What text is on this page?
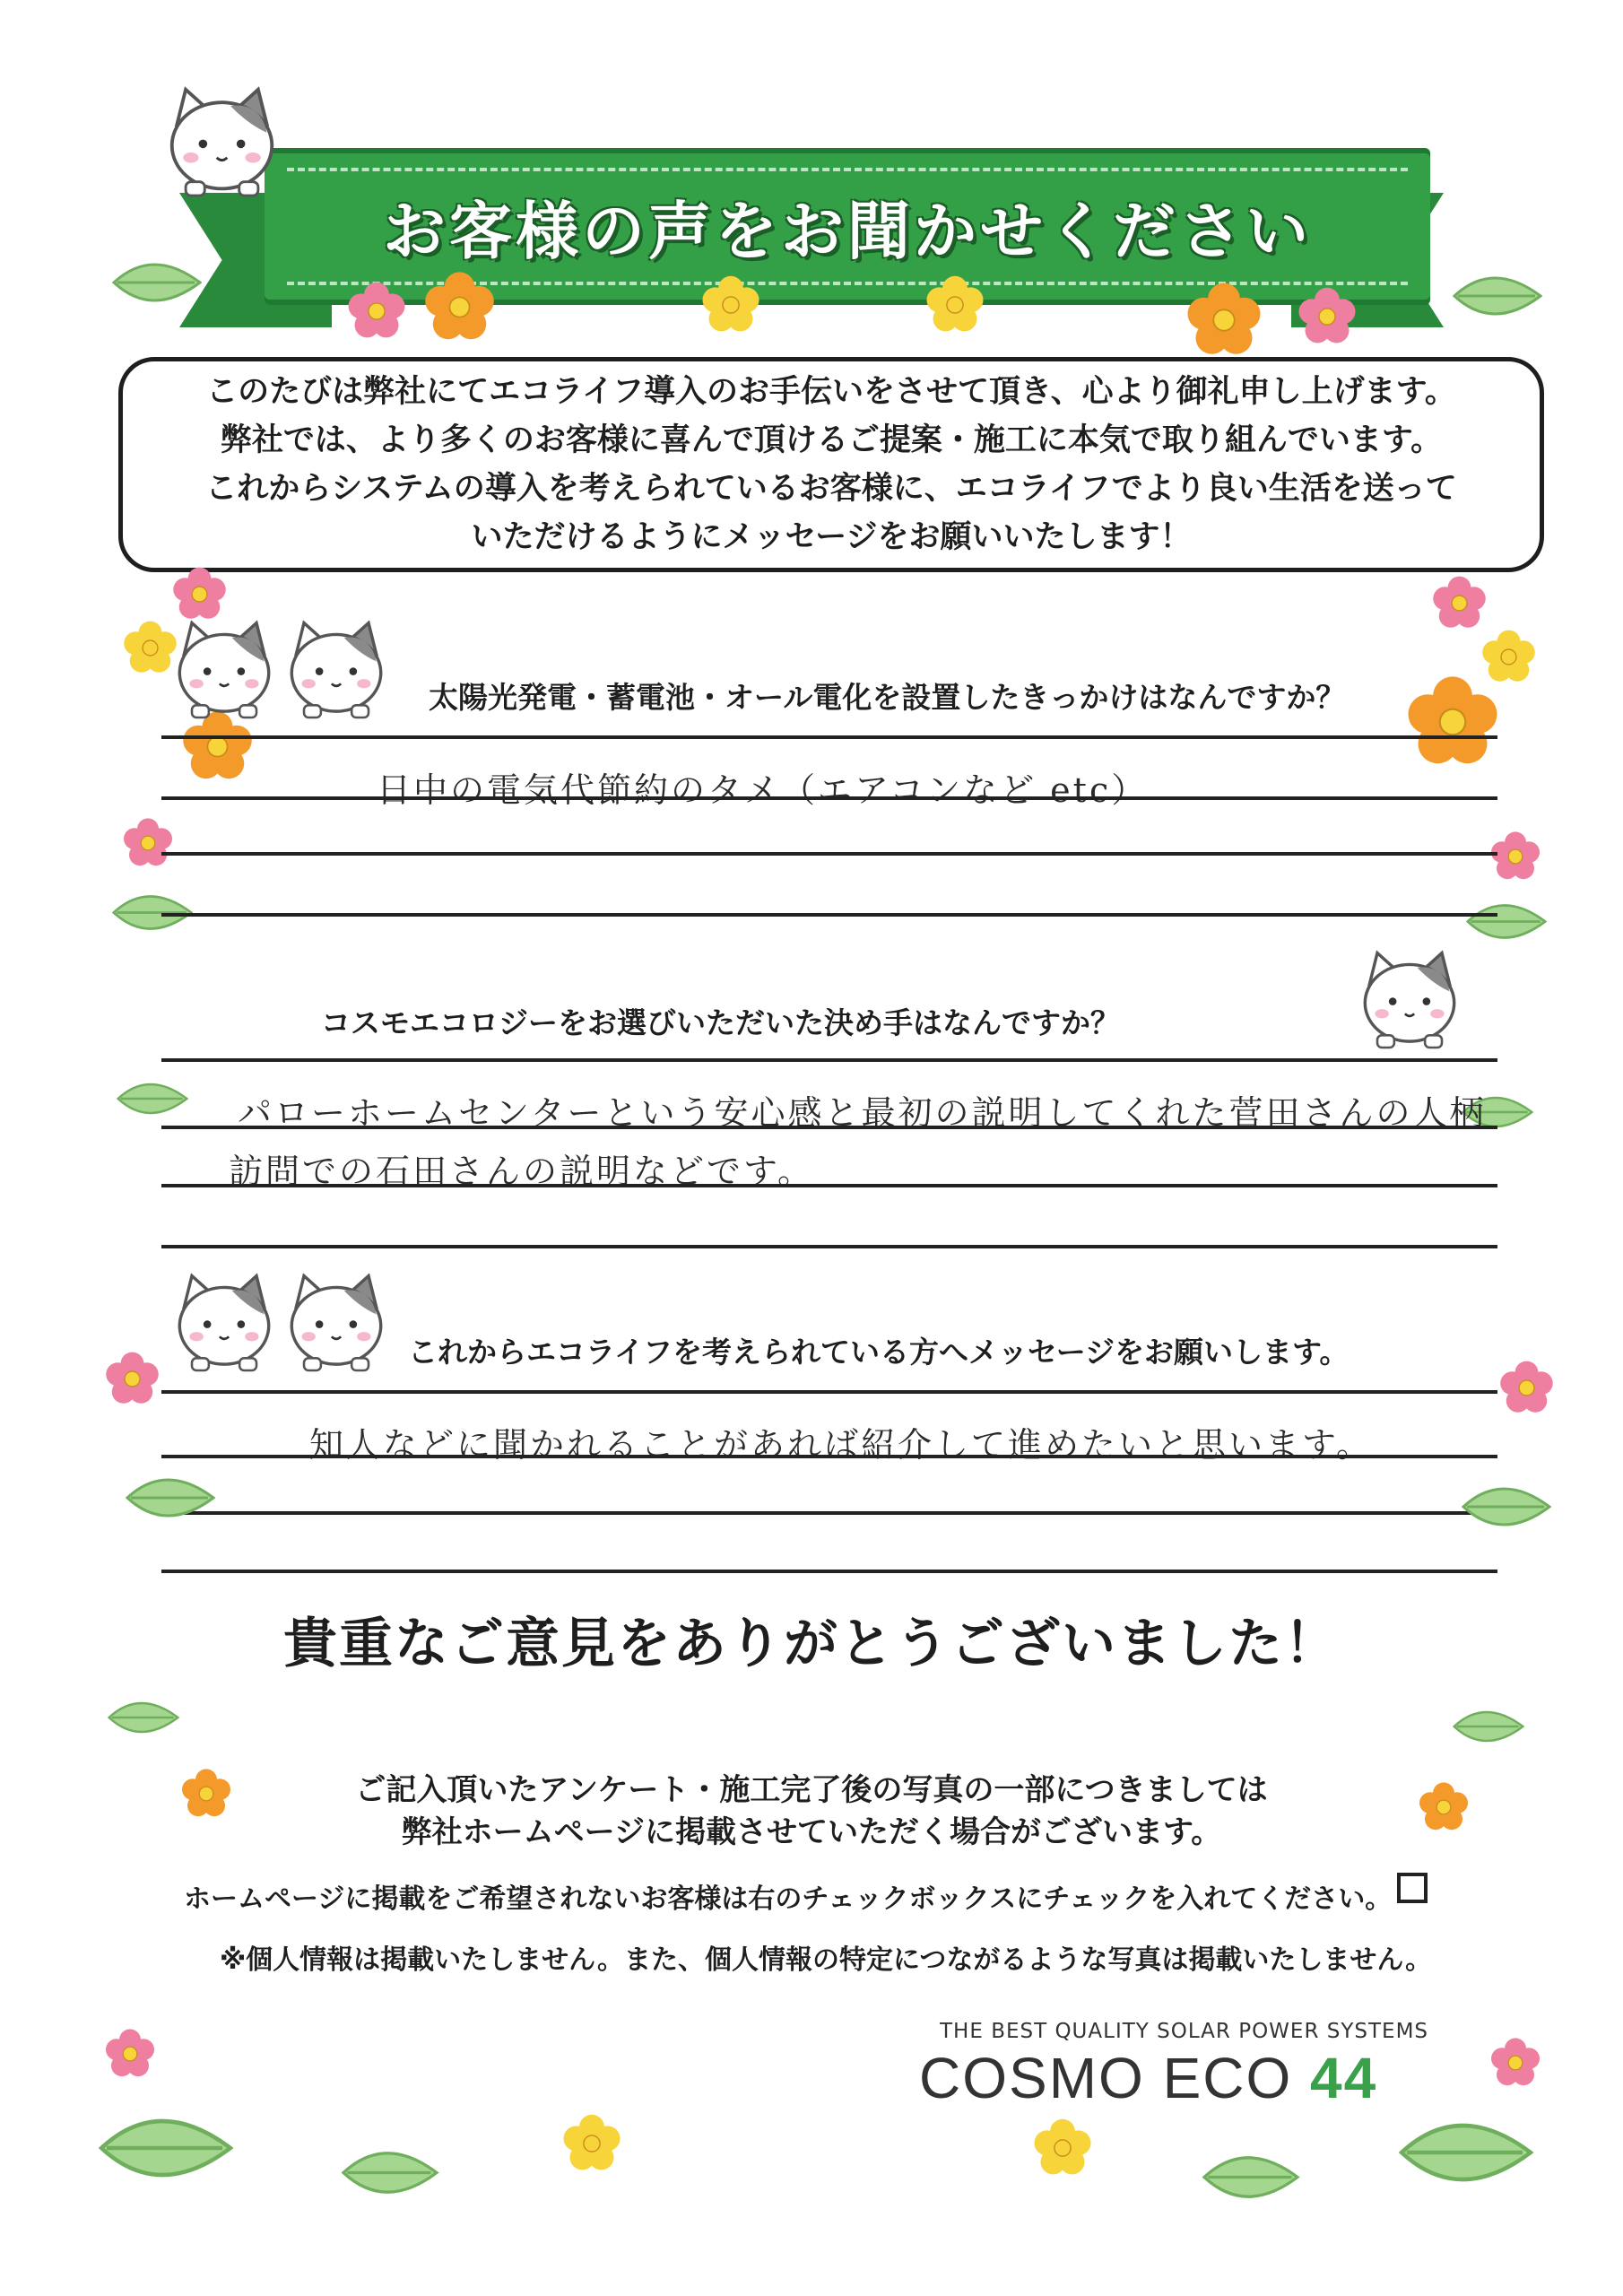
お客様の声をお聞かせください

このたびは弊社にてエコライフ導入のお手伝いをさせて頂き、心より御礼申し上げます。

弊社では、より多くのお客様に喜んで頂けるご提案・施工に本気で取り組んでいます。

これからシステムの導入を考えられているお客様に、エコライフでより良い生活を送って

いただけるようにメッセージをお願いいたします！

太陽光発電・蓄電池・オール電化を設置したきっかけはなんですか？
日中の電気代節約のタメ（エアコンなど etc）
コスモエコロジーをお選びいただいた決め手はなんですか？
パローホームセンターという安心感と最初の説明してくれた菅田さんの人柄
訪問での石田さんの説明などです。
これからエコライフを考えられている方へメッセージをお願いします。
知人などに聞かれることがあれば紹介して進めたいと思います。
貴重なご意見をありがとうございました！
ご記入頂いたアンケート・施工完了後の写真の一部につきましては
弊社ホームページに掲載させていただく場合がございます。
ホームページに掲載をご希望されないお客様は右のチェックボックスにチェックを入れてください。
※個人情報は掲載いたしません。また、個人情報の特定につながるような写真は掲載いたしません。
THE BEST QUALITY SOLAR POWER SYSTEMS
COSMO ECO 44
